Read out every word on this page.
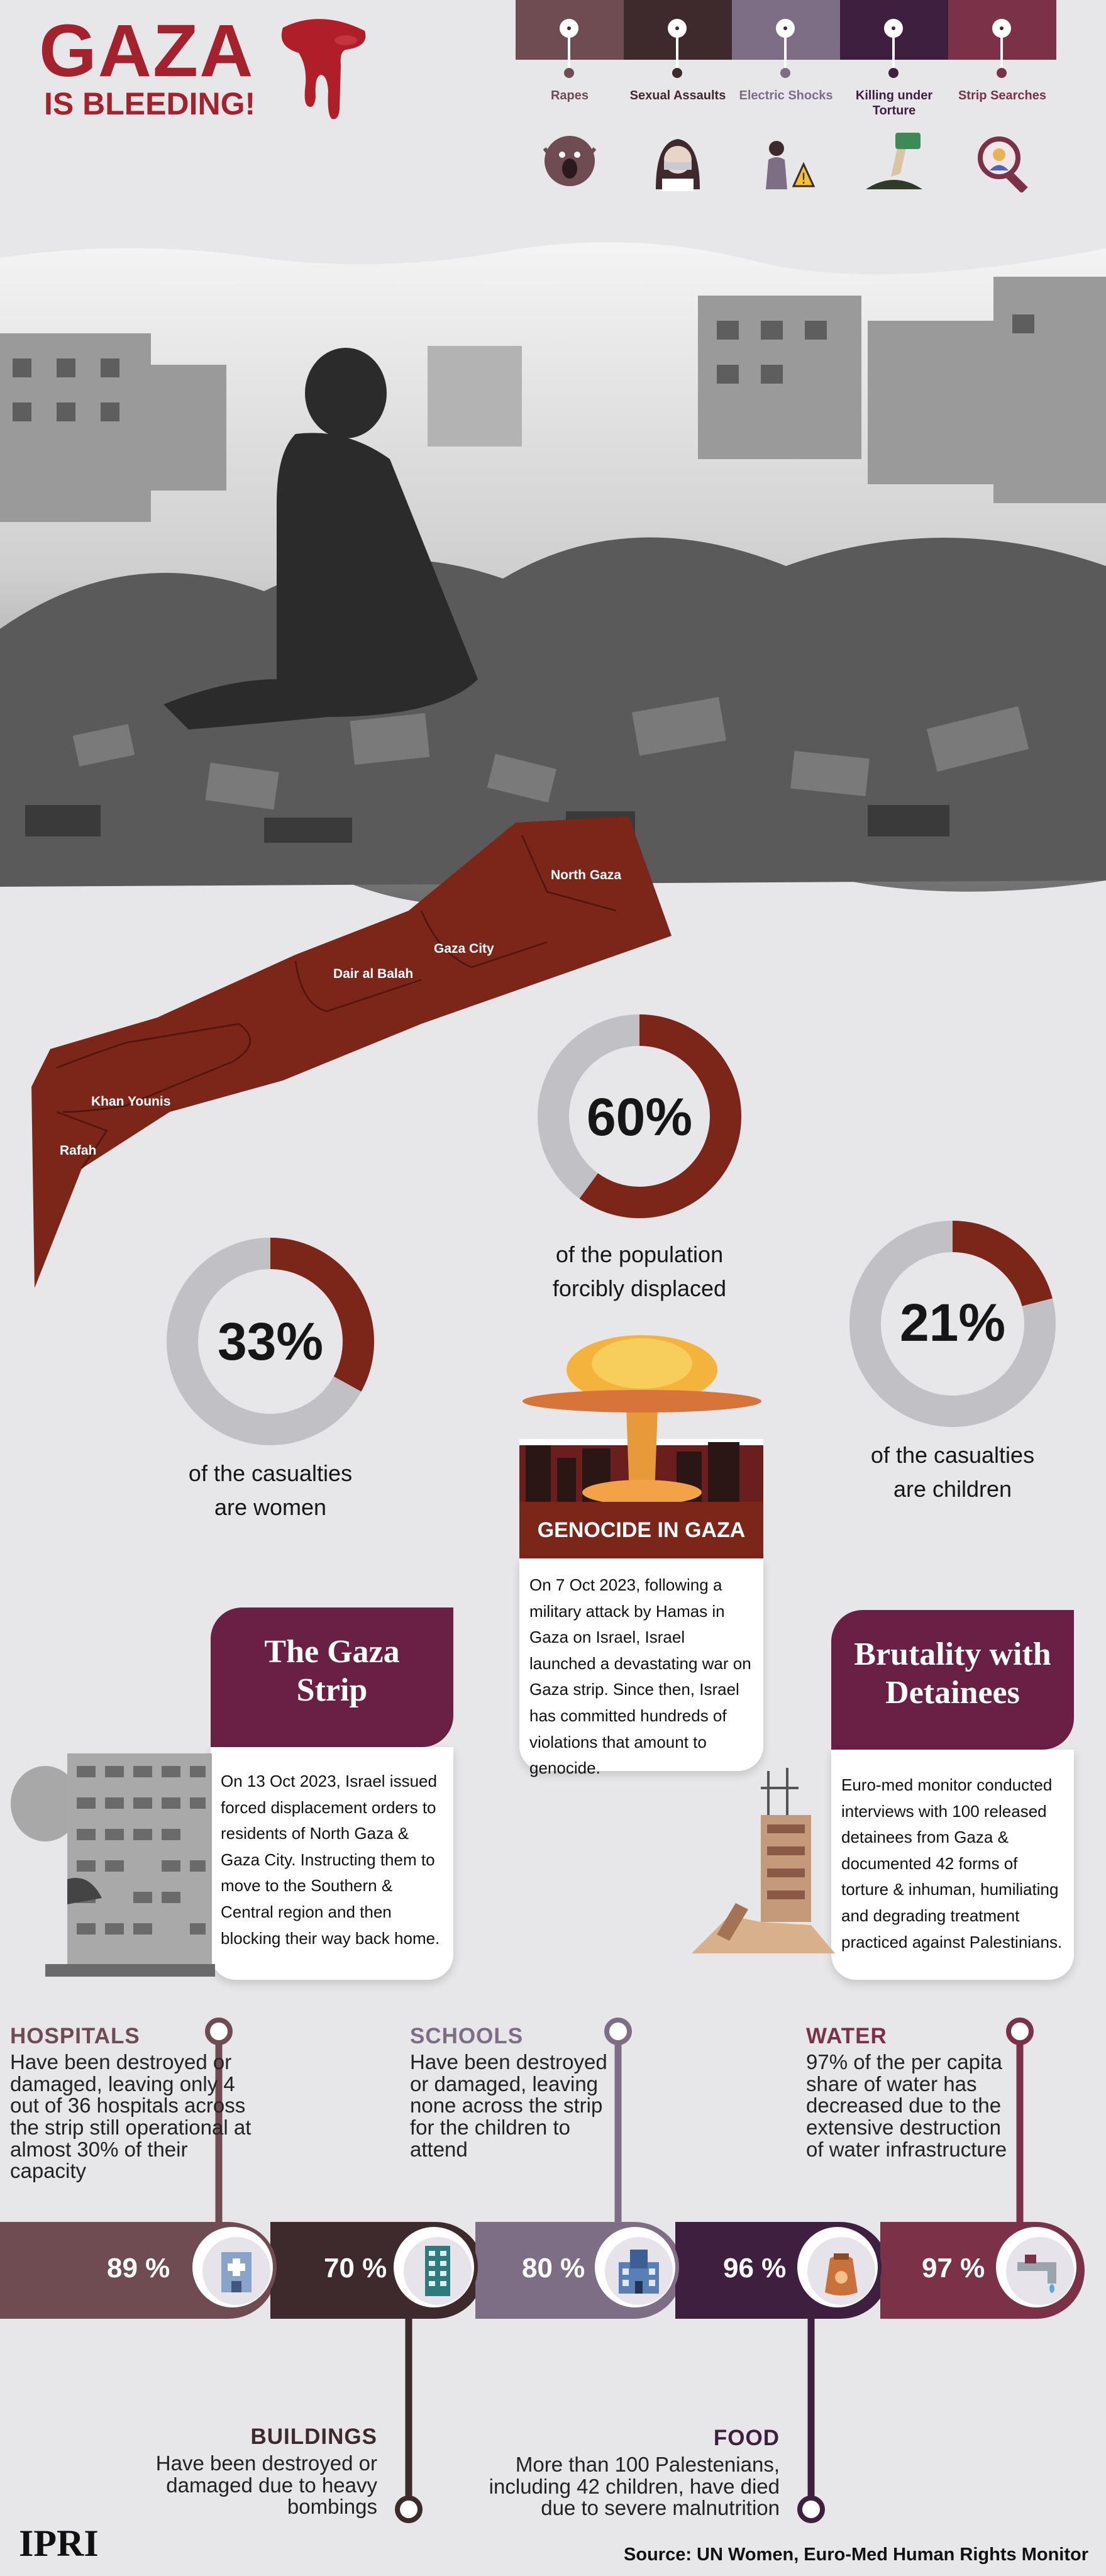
GAZA
IS BLEEDING!	Rapes	Sexual Assaults	Electric Shocks
!
Killing under Torture
Strip Searches
North Gaza
Gaza City
Dair al Balah
Khan Younis
Rafah
60%
of the population
forcibly displaced
33%
of the casualties
are women
21%
of the casualties
are children
GENOCIDE IN GAZA
On 7 Oct 2023, following a military attack by Hamas in Gaza on Israel, Israel launched a devastating war on Gaza strip. Since then, Israel has committed hundreds of violations that amount to genocide.
The Gaza
Strip
On 13 Oct 2023, Israel issued forced displacement orders to residents of North Gaza & Gaza City. Instructing them to move to the Southern & Central region and then blocking their way back home.
Brutality with
Detainees
Euro-med monitor conducted interviews with 100 released detainees from Gaza & documented 42 forms of torture & inhuman, humiliating and degrading treatment practiced against Palestinians.
89 %	70 %	80 %	96 %	97 %
HOSPITALS
Have been destroyed or damaged, leaving only 4 out of 36 hospitals across the strip still operational at almost 30% of their capacity
SCHOOLS
Have been destroyed or damaged, leaving none across the strip for the children to attend
WATER
97% of the per capita share of water has decreased due to the extensive destruction of water infrastructure
BUILDINGS
Have been destroyed or damaged due to heavy bombings
FOOD
More than 100 Palestenians, including 42 children, have died due to severe malnutrition
IPRI	Source: UN Women, Euro-Med Human Rights Monitor
